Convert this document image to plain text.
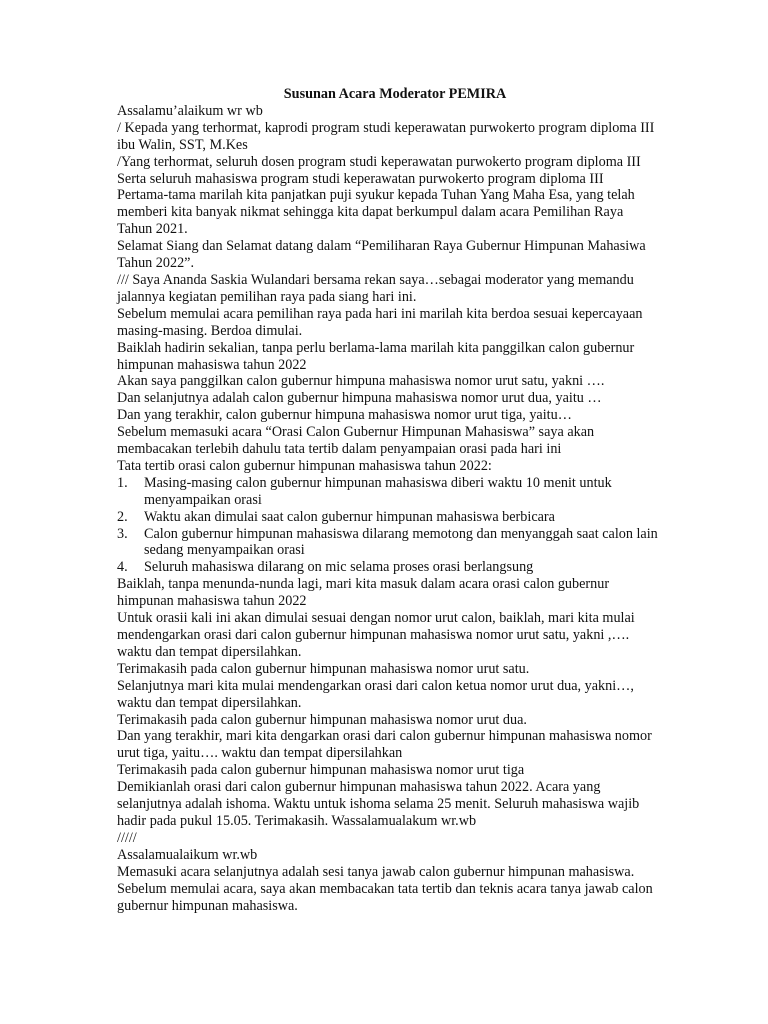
Susunan Acara Moderator PEMIRA
Assalamu’alaikum wr wb
/ Kepada yang terhormat, kaprodi program studi keperawatan purwokerto program diploma III ibu Walin, SST, M.Kes
/Yang terhormat, seluruh dosen program studi keperawatan purwokerto program diploma III
Serta seluruh mahasiswa program studi keperawatan purwokerto program diploma III
Pertama-tama marilah kita panjatkan puji syukur kepada Tuhan Yang Maha Esa, yang telah memberi kita banyak nikmat sehingga kita dapat berkumpul dalam acara Pemilihan Raya Tahun 2021.
Selamat Siang dan Selamat datang dalam “Pemiliharan Raya Gubernur Himpunan Mahasiwa Tahun 2022”.
/// Saya Ananda Saskia Wulandari bersama rekan saya…sebagai moderator yang memandu jalannya kegiatan pemilihan raya pada siang hari ini.
Sebelum memulai acara pemilihan raya pada hari ini marilah kita berdoa sesuai kepercayaan masing-masing. Berdoa dimulai.
Baiklah hadirin sekalian, tanpa perlu berlama-lama marilah kita panggilkan calon gubernur himpunan mahasiswa tahun 2022
Akan saya panggilkan calon gubernur himpuna mahasiswa nomor urut satu, yakni ….
Dan selanjutnya adalah calon gubernur himpuna mahasiswa nomor urut dua, yaitu …
Dan yang terakhir, calon gubernur himpuna mahasiswa nomor urut tiga, yaitu…
Sebelum memasuki acara “Orasi Calon Gubernur Himpunan Mahasiswa” saya akan membacakan terlebih dahulu tata tertib dalam penyampaian orasi pada hari ini
Tata tertib orasi calon gubernur himpunan mahasiswa tahun 2022:
1.	Masing-masing calon gubernur himpunan mahasiswa diberi waktu 10 menit untuk menyampaikan orasi
2.	Waktu akan dimulai saat calon gubernur himpunan mahasiswa berbicara
3.	Calon gubernur himpunan mahasiswa dilarang memotong dan menyanggah saat calon lain sedang menyampaikan orasi
4.	Seluruh mahasiswa dilarang on mic selama proses orasi berlangsung
Baiklah, tanpa menunda-nunda lagi, mari kita masuk dalam acara orasi calon gubernur himpunan mahasiswa tahun 2022
Untuk orasii kali ini akan dimulai sesuai dengan nomor urut calon, baiklah, mari kita mulai mendengarkan orasi dari calon gubernur himpunan mahasiswa nomor urut satu, yakni ,…. waktu dan tempat dipersilahkan.
Terimakasih pada calon gubernur himpunan mahasiswa nomor urut satu.
Selanjutnya mari kita mulai mendengarkan orasi dari calon ketua nomor urut dua, yakni…, waktu dan tempat dipersilahkan.
Terimakasih pada calon gubernur himpunan mahasiswa nomor urut dua.
Dan yang terakhir, mari kita dengarkan orasi dari calon gubernur himpunan mahasiswa nomor urut tiga, yaitu…. waktu dan tempat dipersilahkan
Terimakasih pada calon gubernur himpunan mahasiswa nomor urut tiga
Demikianlah orasi dari calon gubernur himpunan mahasiswa tahun 2022. Acara yang selanjutnya adalah ishoma. Waktu untuk ishoma selama 25 menit. Seluruh mahasiswa wajib hadir pada pukul 15.05. Terimakasih. Wassalamualakum wr.wb
/////
Assalamualaikum wr.wb
Memasuki acara selanjutnya adalah sesi tanya jawab calon gubernur himpunan mahasiswa. Sebelum memulai acara, saya akan membacakan tata tertib dan teknis acara tanya jawab calon gubernur himpunan mahasiswa.
